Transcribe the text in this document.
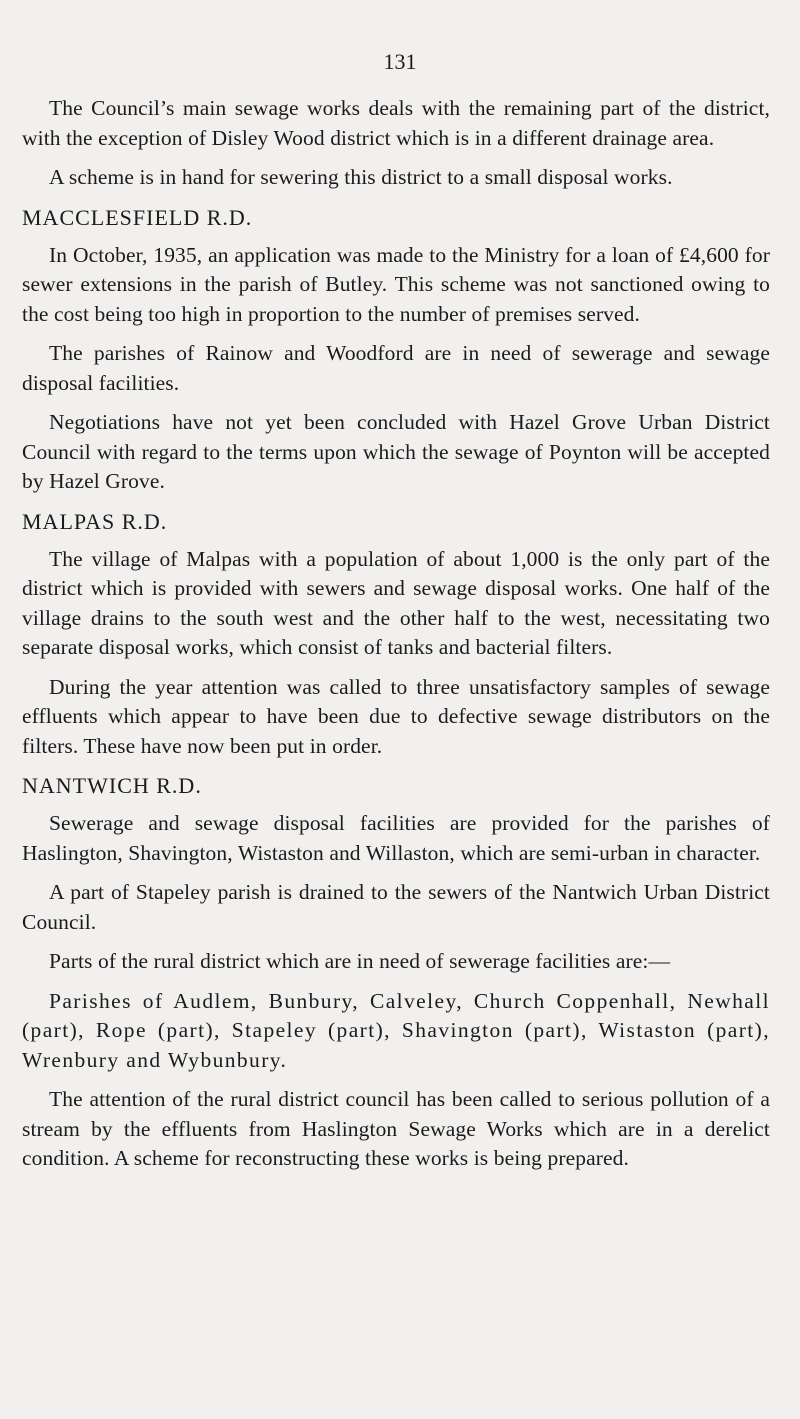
131

The Council’s main sewage works deals with the remaining part of the district, with the exception of Disley Wood district which is in a different drainage area.

A scheme is in hand for sewering this district to a small disposal works.

MACCLESFIELD R.D.

In October, 1935, an application was made to the Ministry for a loan of £4,600 for sewer extensions in the parish of Butley. This scheme was not sanctioned owing to the cost being too high in proportion to the number of premises served.

The parishes of Rainow and Woodford are in need of sewerage and sewage disposal facilities.

Negotiations have not yet been concluded with Hazel Grove Urban District Council with regard to the terms upon which the sewage of Poynton will be accepted by Hazel Grove.

MALPAS R.D.

The village of Malpas with a population of about 1,000 is the only part of the district which is provided with sewers and sewage disposal works. One half of the village drains to the south west and the other half to the west, necessitating two separate disposal works, which consist of tanks and bacterial filters.

During the year attention was called to three unsatisfactory samples of sewage effluents which appear to have been due to defective sewage distributors on the filters. These have now been put in order.

NANTWICH R.D.

Sewerage and sewage disposal facilities are provided for the parishes of Haslington, Shavington, Wistaston and Willaston, which are semi-urban in character.

A part of Stapeley parish is drained to the sewers of the Nantwich Urban District Council.

Parts of the rural district which are in need of sewerage facilities are:—

Parishes of Audlem, Bunbury, Calveley, Church Coppenhall, Newhall (part), Rope (part), Stapeley (part), Shavington (part), Wistaston (part), Wrenbury and Wybunbury.

The attention of the rural district council has been called to serious pollution of a stream by the effluents from Haslington Sewage Works which are in a derelict condition. A scheme for reconstructing these works is being prepared.
